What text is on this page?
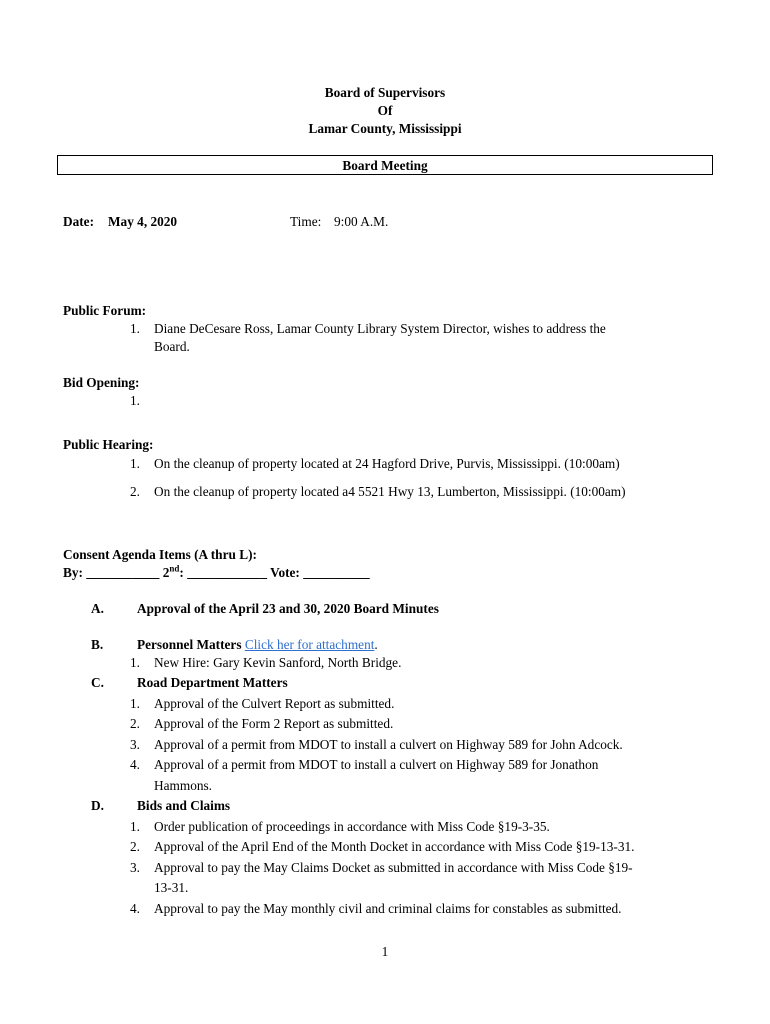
Board of Supervisors
Of
Lamar County, Mississippi
Board Meeting
Date: May 4, 2020	Time: 9:00 A.M.
Public Forum:
1. Diane DeCesare Ross, Lamar County Library System Director, wishes to address the
Board.
Bid Opening:
1.
Public Hearing:
1. On the cleanup of property located at 24 Hagford Drive, Purvis, Mississippi. (10:00am)
2. On the cleanup of property located a4 5521 Hwy 13, Lumberton, Mississippi. (10:00am)
Consent Agenda Items (A thru L):
By: ___________ 2nd: ____________ Vote: __________
A. Approval of the April 23 and 30, 2020 Board Minutes
B.	Personnel Matters Click her for attachment.
1. New Hire: Gary Kevin Sanford, North Bridge.
C. Road Department Matters
1. Approval of the Culvert Report as submitted.
2. Approval of the Form 2 Report as submitted.
3. Approval of a permit from MDOT to install a culvert on Highway 589 for John Adcock.
4. Approval of a permit from MDOT to install a culvert on Highway 589 for Jonathon
Hammons.
D. Bids and Claims
1. Order publication of proceedings in accordance with Miss Code §19-3-35.
2. Approval of the April End of the Month Docket in accordance with Miss Code §19-13-31.
3. Approval to pay the May Claims Docket as submitted in accordance with Miss Code §19-
13-31.
4. Approval to pay the May monthly civil and criminal claims for constables as submitted.
1
